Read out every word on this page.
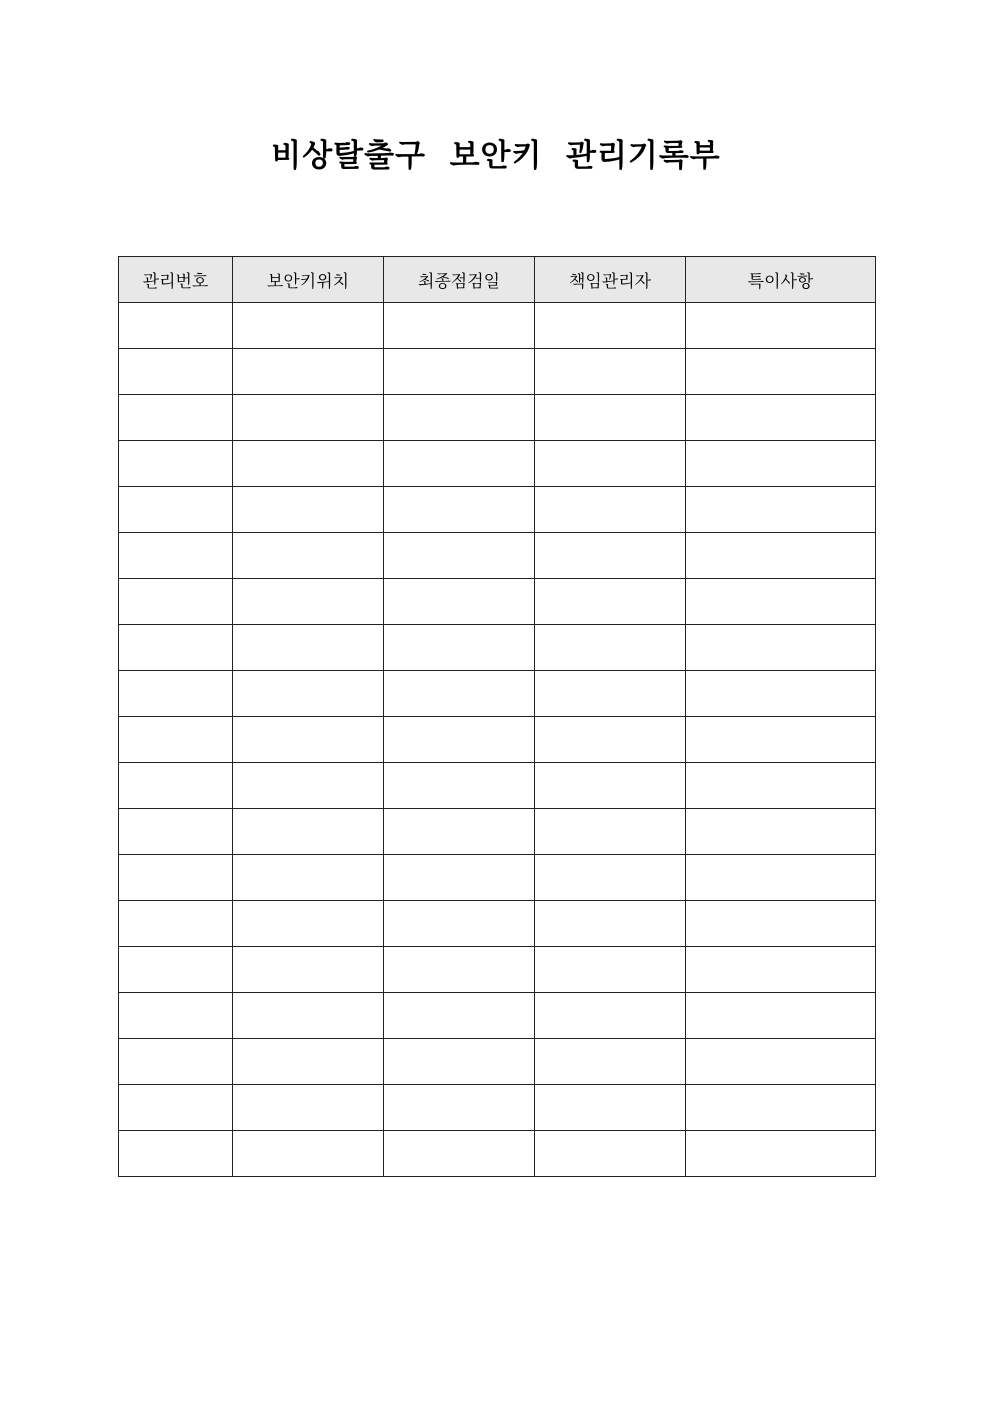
비상탈출구  보안키  관리기록부
관리번호	보안키위치	최종점검일	책임관리자	특이사항
